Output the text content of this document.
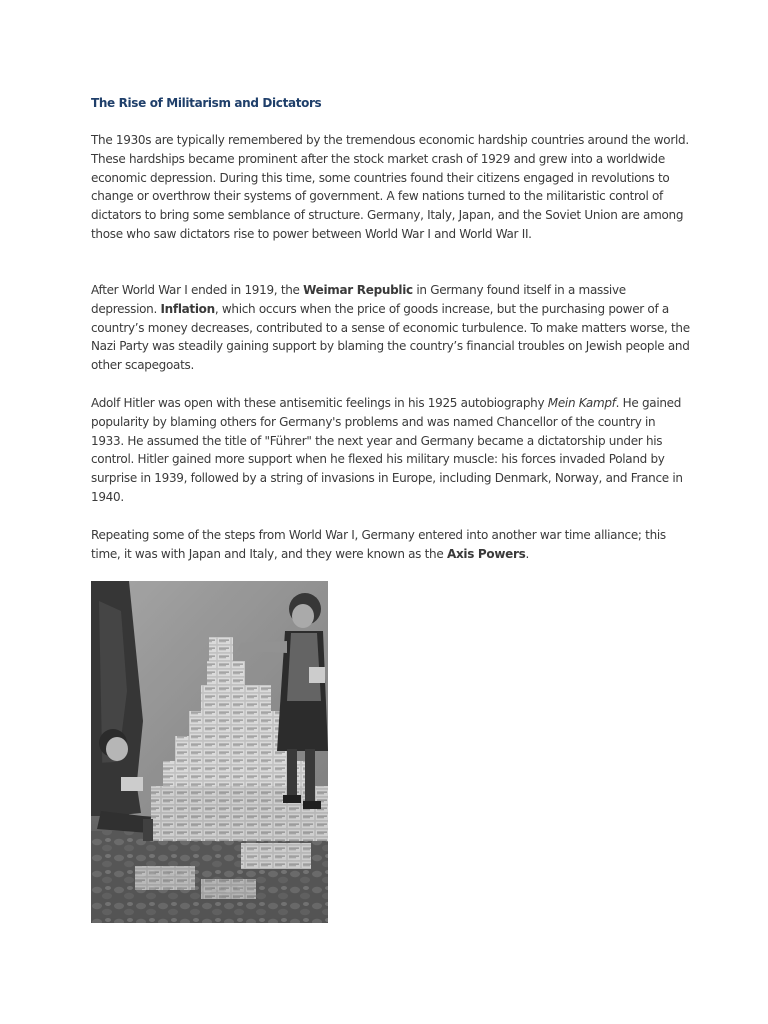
The Rise of Militarism and Dictators

The 1930s are typically remembered by the tremendous economic hardship countries around the world. These hardships became prominent after the stock market crash of 1929 and grew into a worldwide economic depression. During this time, some countries found their citizens engaged in revolutions to change or overthrow their systems of government. A few nations turned to the militaristic control of dictators to bring some semblance of structure. Germany, Italy, Japan, and the Soviet Union are among those who saw dictators rise to power between World War I and World War II.

After World War I ended in 1919, the Weimar Republic in Germany found itself in a massive depression. Inflation, which occurs when the price of goods increase, but the purchasing power of a country’s money decreases, contributed to a sense of economic turbulence. To make matters worse, the Nazi Party was steadily gaining support by blaming the country’s financial troubles on Jewish people and other scapegoats.

Adolf Hitler was open with these antisemitic feelings in his 1925 autobiography Mein Kampf. He gained popularity by blaming others for Germany's problems and was named Chancellor of the country in 1933. He assumed the title of "Führer" the next year and Germany became a dictatorship under his control. Hitler gained more support when he flexed his military muscle: his forces invaded Poland by surprise in 1939, followed by a string of invasions in Europe, including Denmark, Norway, and France in 1940.

Repeating some of the steps from World War I, Germany entered into another war time alliance; this time, it was with Japan and Italy, and they were known as the Axis Powers.
